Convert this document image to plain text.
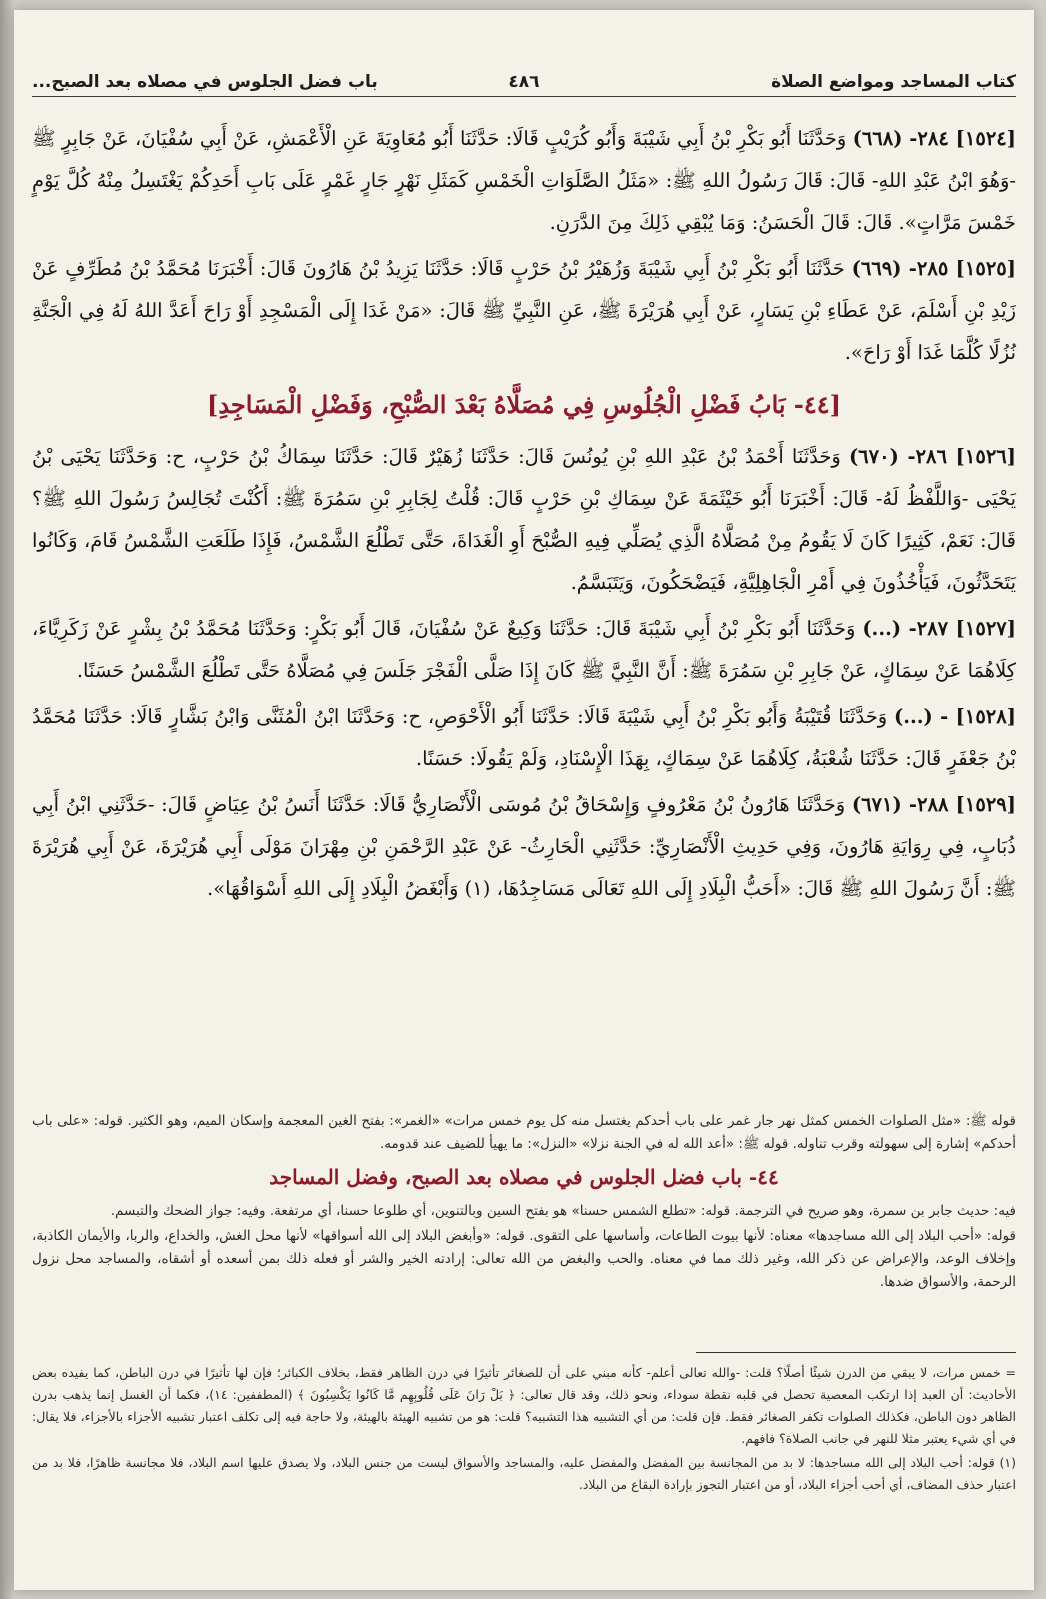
كتاب المساجد ومواضع الصلاة
٤٨٦
باب فضل الجلوس في مصلاه بعد الصبح...

[١٥٢٤] ٢٨٤- (٦٦٨) وَحَدَّثَنَا أَبُو بَكْرِ بْنُ أَبِي شَيْبَةَ وَأَبُو كُرَيْبٍ قَالَا: حَدَّثَنَا أَبُو مُعَاوِيَةَ عَنِ الْأَعْمَشِ، عَنْ أَبِي سُفْيَانَ، عَنْ جَابِرٍ ﷺ -وَهُوَ ابْنُ عَبْدِ اللهِ- قَالَ: قَالَ رَسُولُ اللهِ ﷺ: «مَثَلُ الصَّلَوَاتِ الْخَمْسِ كَمَثَلِ نَهْرٍ جَارٍ غَمْرٍ عَلَى بَابِ أَحَدِكُمْ يَغْتَسِلُ مِنْهُ كُلَّ يَوْمٍ خَمْسَ مَرَّاتٍ». قَالَ: قَالَ الْحَسَنُ: وَمَا يُبْقِي ذَلِكَ مِنَ الدَّرَنِ.

[١٥٢٥] ٢٨٥- (٦٦٩) حَدَّثَنَا أَبُو بَكْرِ بْنُ أَبِي شَيْبَةَ وَزُهَيْرُ بْنُ حَرْبٍ قَالَا: حَدَّثَنَا يَزِيدُ بْنُ هَارُونَ قَالَ: أَخْبَرَنَا مُحَمَّدُ بْنُ مُطَرِّفٍ عَنْ زَيْدِ بْنِ أَسْلَمَ، عَنْ عَطَاءِ بْنِ يَسَارٍ، عَنْ أَبِي هُرَيْرَةَ ﷺ، عَنِ النَّبِيِّ ﷺ قَالَ: «مَنْ غَدَا إِلَى الْمَسْجِدِ أَوْ رَاحَ أَعَدَّ اللهُ لَهُ فِي الْجَنَّةِ نُزُلًا كُلَّمَا غَدَا أَوْ رَاحَ».

[٤٤- بَابُ فَضْلِ الْجُلُوسِ فِي مُصَلَّاهُ بَعْدَ الصُّبْحِ، وَفَضْلِ الْمَسَاجِدِ]

[١٥٢٦] ٢٨٦- (٦٧٠) وَحَدَّثَنَا أَحْمَدُ بْنُ عَبْدِ اللهِ بْنِ يُونُسَ قَالَ: حَدَّثَنَا زُهَيْرٌ قَالَ: حَدَّثَنَا سِمَاكُ بْنُ حَرْبٍ، ح: وَحَدَّثَنَا يَحْيَى بْنُ يَحْيَى -وَاللَّفْظُ لَهُ- قَالَ: أَخْبَرَنَا أَبُو خَيْثَمَةَ عَنْ سِمَاكِ بْنِ حَرْبٍ قَالَ: قُلْتُ لِجَابِرِ بْنِ سَمُرَةَ ﷺ: أَكُنْتَ تُجَالِسُ رَسُولَ اللهِ ﷺ؟ قَالَ: نَعَمْ، كَثِيرًا كَانَ لَا يَقُومُ مِنْ مُصَلَّاهُ الَّذِي يُصَلِّي فِيهِ الصُّبْحَ أَوِ الْغَدَاةَ، حَتَّى تَطْلُعَ الشَّمْسُ، فَإِذَا طَلَعَتِ الشَّمْسُ قَامَ، وَكَانُوا يَتَحَدَّثُونَ، فَيَأْخُذُونَ فِي أَمْرِ الْجَاهِلِيَّةِ، فَيَضْحَكُونَ، وَيَتَبَسَّمُ.

[١٥٢٧] ٢٨٧- (...) وَحَدَّثَنَا أَبُو بَكْرِ بْنُ أَبِي شَيْبَةَ قَالَ: حَدَّثَنَا وَكِيعٌ عَنْ سُفْيَانَ، قَالَ أَبُو بَكْرٍ: وَحَدَّثَنَا مُحَمَّدُ بْنُ بِشْرٍ عَنْ زَكَرِيَّاءَ، كِلَاهُمَا عَنْ سِمَاكٍ، عَنْ جَابِرِ بْنِ سَمُرَةَ ﷺ: أَنَّ النَّبِيَّ ﷺ كَانَ إِذَا صَلَّى الْفَجْرَ جَلَسَ فِي مُصَلَّاهُ حَتَّى تَطْلُعَ الشَّمْسُ حَسَنًا.

[١٥٢٨] - (...) وَحَدَّثَنَا قُتَيْبَةُ وَأَبُو بَكْرِ بْنُ أَبِي شَيْبَةَ قَالَا: حَدَّثَنَا أَبُو الْأَحْوَصِ، ح: وَحَدَّثَنَا ابْنُ الْمُثَنَّى وَابْنُ بَشَّارٍ قَالَا: حَدَّثَنَا مُحَمَّدُ بْنُ جَعْفَرٍ قَالَ: حَدَّثَنَا شُعْبَةُ، كِلَاهُمَا عَنْ سِمَاكٍ، بِهَذَا الْإِسْنَادِ، وَلَمْ يَقُولَا: حَسَنًا.

[١٥٢٩] ٢٨٨- (٦٧١) وَحَدَّثَنَا هَارُونُ بْنُ مَعْرُوفٍ وَإِسْحَاقُ بْنُ مُوسَى الْأَنْصَارِيُّ قَالَا: حَدَّثَنَا أَنَسُ بْنُ عِيَاضٍ قَالَ: -حَدَّثَنِي ابْنُ أَبِي ذُبَابٍ، فِي رِوَايَةِ هَارُونَ، وَفِي حَدِيثِ الْأَنْصَارِيِّ: حَدَّثَنِي الْحَارِثُ- عَنْ عَبْدِ الرَّحْمَنِ بْنِ مِهْرَانَ مَوْلَى أَبِي هُرَيْرَةَ، عَنْ أَبِي هُرَيْرَةَ ﷺ: أَنَّ رَسُولَ اللهِ ﷺ قَالَ: «أَحَبُّ الْبِلَادِ إِلَى اللهِ تَعَالَى مَسَاجِدُهَا، (١) وَأَبْغَضُ الْبِلَادِ إِلَى اللهِ أَسْوَاقُهَا».

قوله ﷺ: «مثل الصلوات الخمس كمثل نهر جار غمر على باب أحدكم يغتسل منه كل يوم خمس مرات» «الغمر»: بفتح الغين المعجمة وإسكان الميم، وهو الكثير. قوله: «على باب أحدكم» إشارة إلى سهولته وقرب تناوله. قوله ﷺ: «أعد الله له في الجنة نزلا» «النزل»: ما يهيأ للضيف عند قدومه.

٤٤- باب فضل الجلوس في مصلاه بعد الصبح، وفضل المساجد

فيه: حديث جابر بن سمرة، وهو صريح في الترجمة. قوله: «تطلع الشمس حسنا» هو بفتح السين وبالتنوين، أي طلوعا حسنا، أي مرتفعة. وفيه: جواز الضحك والتبسم.

قوله: «أحب البلاد إلى الله مساجدها» معناه: لأنها بيوت الطاعات، وأساسها على التقوى. قوله: «وأبغض البلاد إلى الله أسواقها» لأنها محل الغش، والخداع، والربا، والأيمان الكاذبة، وإخلاف الوعد، والإعراض عن ذكر الله، وغير ذلك مما في معناه. والحب والبغض من الله تعالى: إرادته الخير والشر أو فعله ذلك بمن أسعده أو أشقاه، والمساجد محل نزول الرحمة، والأسواق ضدها.

= خمس مرات، لا يبقي من الدرن شيئًا أصلًا؟ قلت: -والله تعالى أعلم- كأنه مبني على أن للصغائر تأثيرًا في درن الظاهر فقط، بخلاف الكبائر؛ فإن لها تأثيرًا في درن الباطن، كما يفيده بعض الأحاديث: أن العبد إذا ارتكب المعصية تحصل في قلبه نقطة سوداء، ونحو ذلك، وقد قال تعالى: ﴿ بَلْ رَانَ عَلَى قُلُوبِهِم مَّا كَانُوا يَكْسِبُونَ ﴾ (المطففين: ١٤)، فكما أن الغسل إنما يذهب بدرن الظاهر دون الباطن، فكذلك الصلوات تكفر الصغائر فقط. فإن قلت: من أي التشبيه هذا التشبيه؟ قلت: هو من تشبيه الهيئة بالهيئة، ولا حاجة فيه إلى تكلف اعتبار تشبيه الأجزاء بالأجزاء، فلا يقال: في أي شيء يعتبر مثلا للنهر في جانب الصلاة؟ فافهم.

(١) قوله: أحب البلاد إلى الله مساجدها: لا بد من المجانسة بين المفضل والمفضل عليه، والمساجد والأسواق ليست من جنس البلاد، ولا يصدق عليها اسم البلاد، فلا مجانسة ظاهرًا، فلا بد من اعتبار حذف المضاف، أي أحب أجزاء البلاد، أو من اعتبار التجوز بإرادة البقاع من البلاد.
